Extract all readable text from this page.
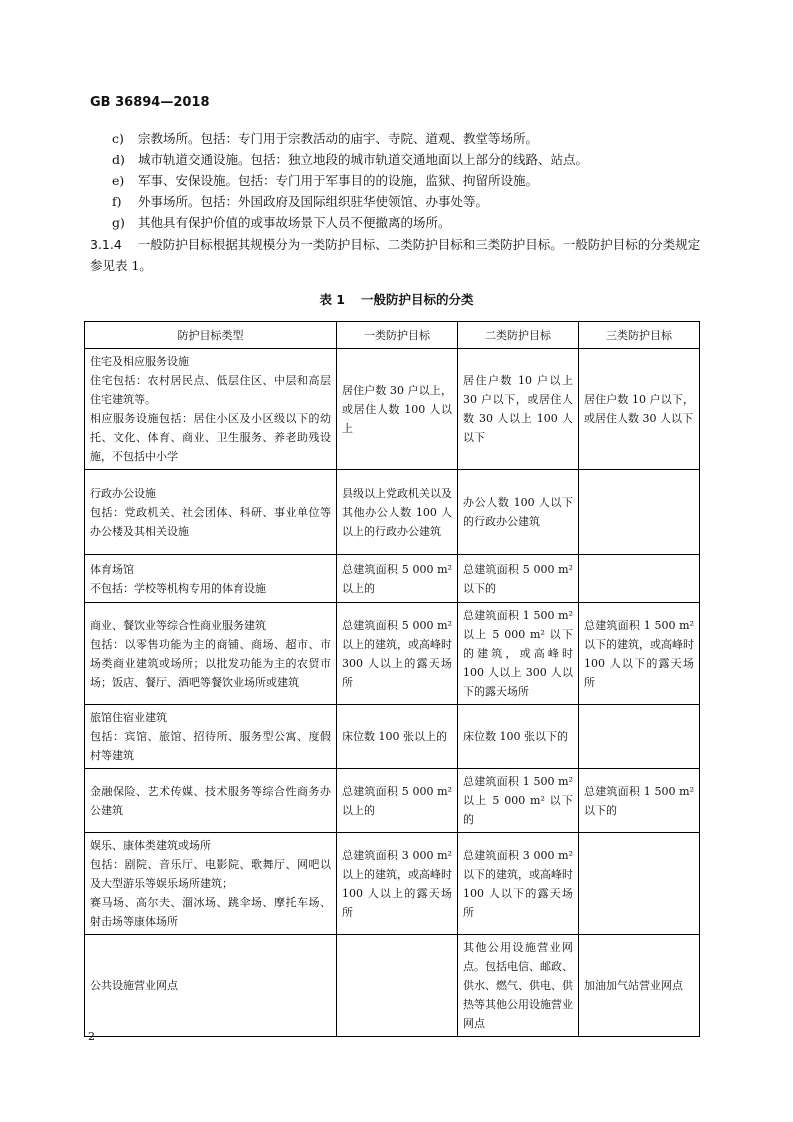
GB 36894—2018
c) 宗教场所。包括：专门用于宗教活动的庙宇、寺院、道观、教堂等场所。
d) 城市轨道交通设施。包括：独立地段的城市轨道交通地面以上部分的线路、站点。
e) 军事、安保设施。包括：专门用于军事目的的设施，监狱、拘留所设施。
f) 外事场所。包括：外国政府及国际组织驻华使领馆、办事处等。
g) 其他具有保护价值的或事故场景下人员不便撤离的场所。
3.1.4 一般防护目标根据其规模分为一类防护目标、二类防护目标和三类防护目标。一般防护目标的分类规定参见表 1。
表 1 一般防护目标的分类
防护目标类型	一类防护目标	二类防护目标	三类防护目标

住宅及相应服务设施
住宅包括：农村居民点、低层住区、中层和高层住宅建筑等。
相应服务设施包括：居住小区及小区级以下的幼托、文化、体育、商业、卫生服务、养老助残设施，不包括中小学	居住户数 30 户以上，或居住人数 100 人以上	居住户数 10 户以上 30 户以下，或居住人数 30 人以上 100 人以下	居住户数 10 户以下，或居住人数 30 人以下

行政办公设施
包括：党政机关、社会团体、科研、事业单位等办公楼及其相关设施	县级以上党政机关以及其他办公人数 100 人以上的行政办公建筑	办公人数 100 人以下的行政办公建筑	

体育场馆
不包括：学校等机构专用的体育设施	总建筑面积 5 000 m² 以上的	总建筑面积 5 000 m² 以下的	

商业、餐饮业等综合性商业服务建筑
包括：以零售功能为主的商铺、商场、超市、市场类商业建筑或场所；以批发功能为主的农贸市场；饭店、餐厅、酒吧等餐饮业场所或建筑	总建筑面积 5 000 m² 以上的建筑，或高峰时 300 人以上的露天场所	总建筑面积 1 500 m² 以上 5 000 m² 以下的建筑，或高峰时 100 人以上 300 人以下的露天场所	总建筑面积 1 500 m² 以下的建筑，或高峰时 100 人以下的露天场所

旅馆住宿业建筑
包括：宾馆、旅馆、招待所、服务型公寓、度假村等建筑	床位数 100 张以上的	床位数 100 张以下的	

金融保险、艺术传媒、技术服务等综合性商务办公建筑	总建筑面积 5 000 m² 以上的	总建筑面积 1 500 m² 以上 5 000 m² 以下的	总建筑面积 1 500 m² 以下的

娱乐、康体类建筑或场所
包括：剧院、音乐厅、电影院、歌舞厅、网吧以及大型游乐等娱乐场所建筑；
赛马场、高尔夫、溜冰场、跳伞场、摩托车场、射击场等康体场所	总建筑面积 3 000 m² 以上的建筑，或高峰时 100 人以上的露天场所	总建筑面积 3 000 m² 以下的建筑，或高峰时 100 人以下的露天场所	

公共设施营业网点		其他公用设施营业网点。包括电信、邮政、供水、燃气、供电、供热等其他公用设施营业网点	加油加气站营业网点
2
